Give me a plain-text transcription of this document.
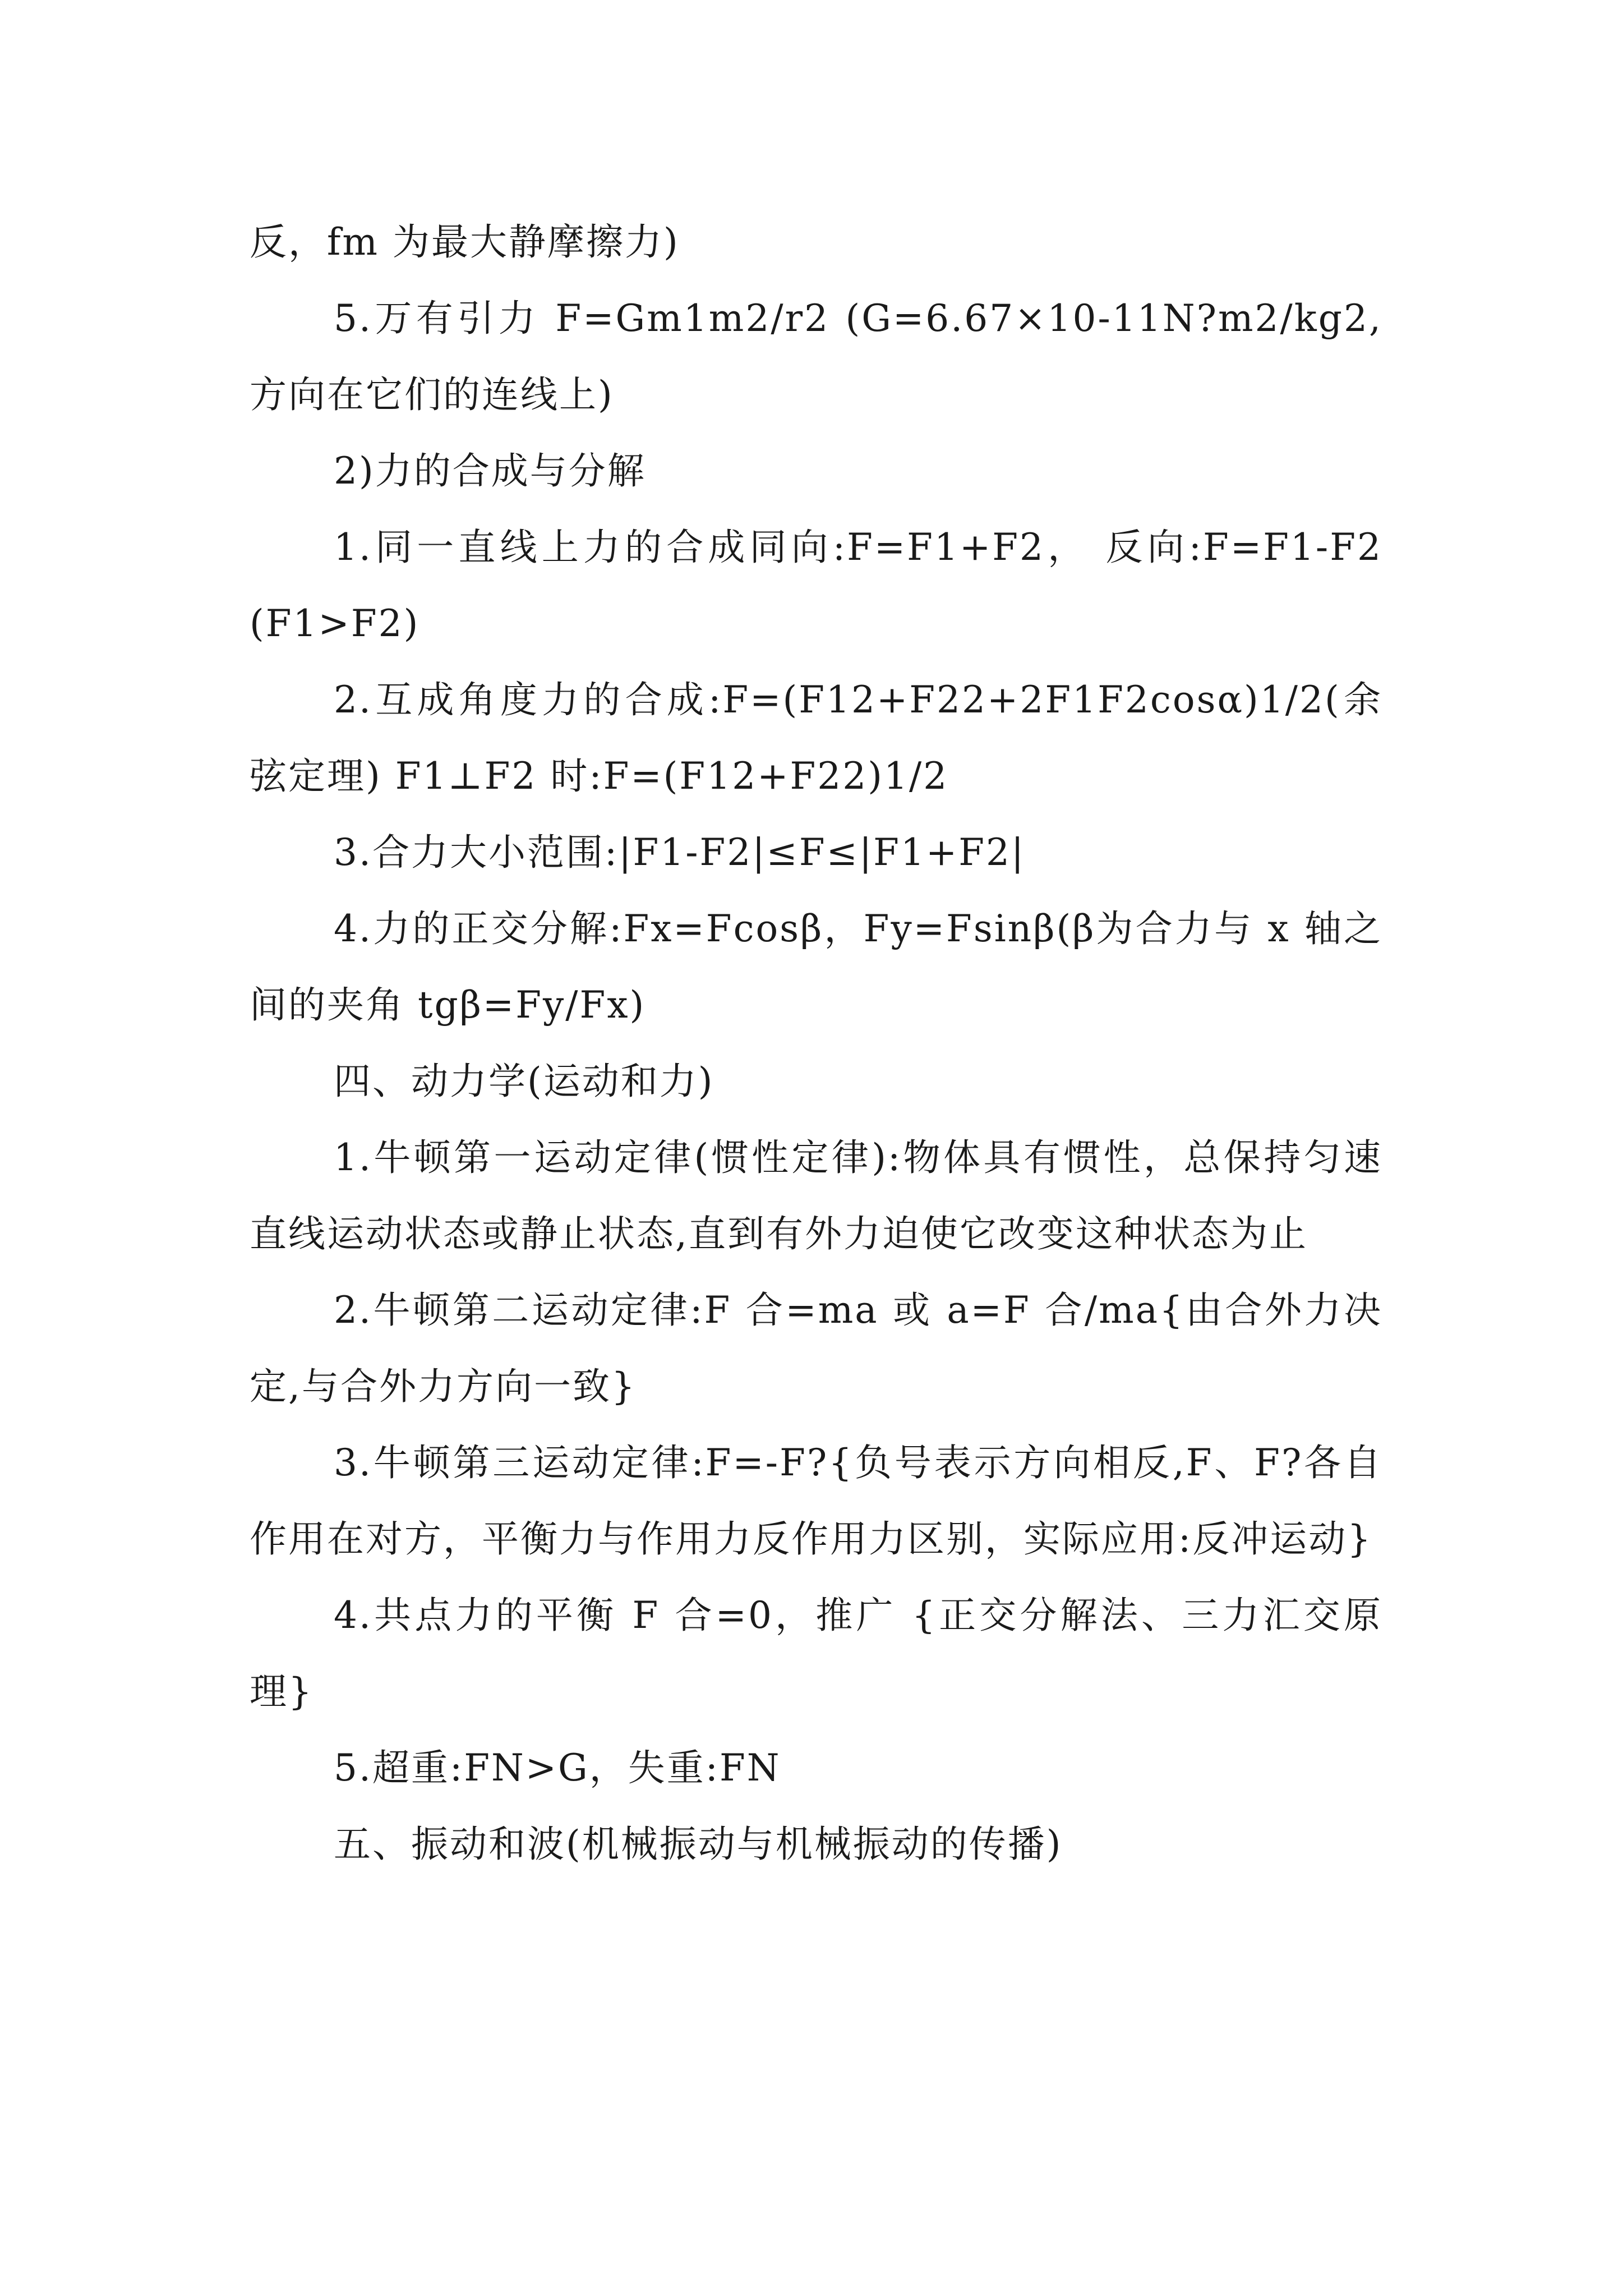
反，fm 为最大静摩擦力)

5.万有引力 F=Gm1m2/r2 (G=6.67×10-11N?m2/kg2,方向在它们的连线上)

2)力的合成与分解

1.同一直线上力的合成同向:F=F1+F2， 反向:F=F1-F2 (F1>F2)

2.互成角度力的合成:F=(F12+F22+2F1F2cosα)1/2(余弦定理) F1⊥F2 时:F=(F12+F22)1/2

3.合力大小范围:|F1-F2|≤F≤|F1+F2|

4.力的正交分解:Fx=Fcosβ，Fy=Fsinβ(β为合力与 x 轴之间的夹角 tgβ=Fy/Fx)

四、动力学(运动和力)

1.牛顿第一运动定律(惯性定律):物体具有惯性，总保持匀速直线运动状态或静止状态,直到有外力迫使它改变这种状态为止

2.牛顿第二运动定律:F 合=ma 或 a=F 合/ma{由合外力决定,与合外力方向一致}

3.牛顿第三运动定律:F=-F?{负号表示方向相反,F、F?各自作用在对方，平衡力与作用力反作用力区别，实际应用:反冲运动}

4.共点力的平衡 F 合=0，推广 {正交分解法、三力汇交原理}

5.超重:FN>G，失重:FN

五、振动和波(机械振动与机械振动的传播)
